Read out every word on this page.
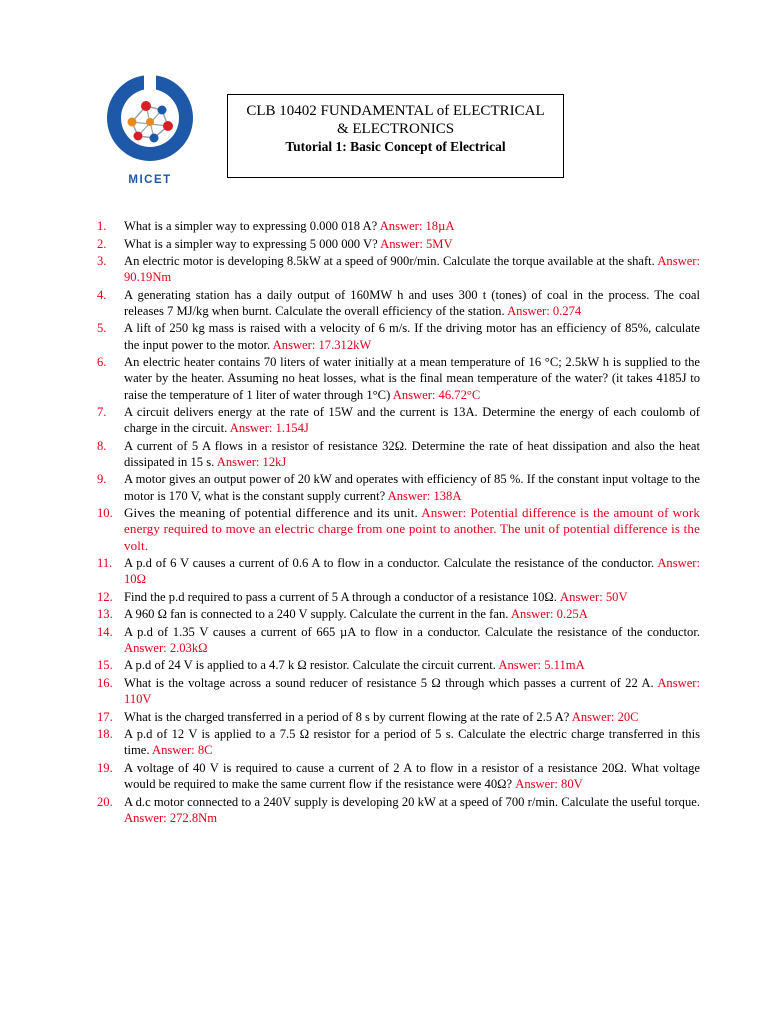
MICET
CLB 10402 FUNDAMENTAL of ELECTRICAL
& ELECTRONICS
Tutorial 1: Basic Concept of Electrical
1.	What is a simpler way to expressing 0.000 018 A? Answer: 18µA
2.	What is a simpler way to expressing 5 000 000 V? Answer: 5MV
3.	An electric motor is developing 8.5kW at a speed of 900r/min. Calculate the torque available at the shaft. Answer: 90.19Nm
4.	A generating station has a daily output of 160MW h and uses 300 t (tones) of coal in the process. The coal releases 7 MJ/kg when burnt. Calculate the overall efficiency of the station. Answer: 0.274
5.	A lift of 250 kg mass is raised with a velocity of 6 m/s. If the driving motor has an efficiency of 85%, calculate the input power to the motor. Answer: 17.312kW
6.	An electric heater contains 70 liters of water initially at a mean temperature of 16 °C; 2.5kW h is supplied to the water by the heater. Assuming no heat losses, what is the final mean temperature of the water? (it takes 4185J to raise the temperature of 1 liter of water through 1°C) Answer: 46.72°C
7.	A circuit delivers energy at the rate of 15W and the current is 13A. Determine the energy of each coulomb of charge in the circuit. Answer: 1.154J
8.	A current of 5 A flows in a resistor of resistance 32Ω. Determine the rate of heat dissipation and also the heat dissipated in 15 s. Answer: 12kJ
9.	A motor gives an output power of 20 kW and operates with efficiency of 85 %. If the constant input voltage to the motor is 170 V, what is the constant supply current? Answer: 138A
10. Gives the meaning of potential difference and its unit. Answer: Potential difference is the amount of work energy required to move an electric charge from one point to another. The unit of potential difference is the volt.
11. A p.d of 6 V causes a current of 0.6 A to flow in a conductor. Calculate the resistance of the conductor. Answer: 10Ω
12. Find the p.d required to pass a current of 5 A through a conductor of a resistance 10Ω. Answer: 50V
13. A 960 Ω fan is connected to a 240 V supply. Calculate the current in the fan. Answer: 0.25A
14. A p.d of 1.35 V causes a current of 665 µA to flow in a conductor. Calculate the resistance of the conductor. Answer: 2.03kΩ
15. A p.d of 24 V is applied to a 4.7 k Ω resistor. Calculate the circuit current. Answer: 5.11mA
16. What is the voltage across a sound reducer of resistance 5 Ω through which passes a current of 22 A. Answer: 110V
17. What is the charged transferred in a period of 8 s by current flowing at the rate of 2.5 A? Answer: 20C
18. A p.d of 12 V is applied to a 7.5 Ω resistor for a period of 5 s. Calculate the electric charge transferred in this time. Answer: 8C
19. A voltage of 40 V is required to cause a current of 2 A to flow in a resistor of a resistance 20Ω. What voltage would be required to make the same current flow if the resistance were 40Ω? Answer: 80V
20. A d.c motor connected to a 240V supply is developing 20 kW at a speed of 700 r/min. Calculate the useful torque. Answer: 272.8Nm
